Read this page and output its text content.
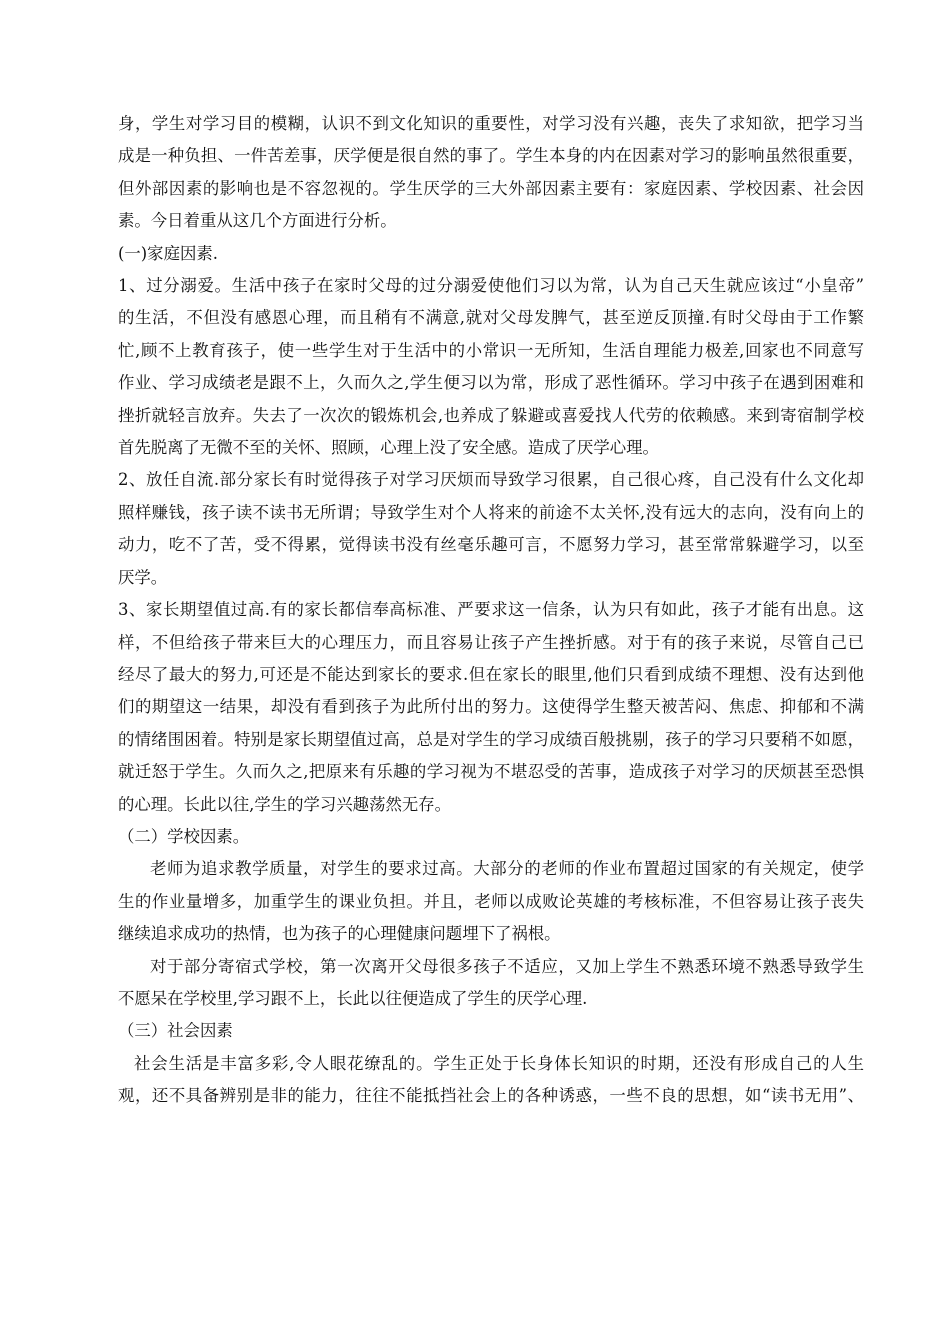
身，学生对学习目的模糊，认识不到文化知识的重要性，对学习没有兴趣，丧失了求知欲，把学习当

成是一种负担、一件苦差事，厌学便是很自然的事了。学生本身的内在因素对学习的影响虽然很重要，

但外部因素的影响也是不容忽视的。学生厌学的三大外部因素主要有：家庭因素、学校因素、社会因

素。今日着重从这几个方面进行分析。

(一)家庭因素.

1、过分溺爱。生活中孩子在家时父母的过分溺爱使他们习以为常，认为自己天生就应该过“小皇帝”

的生活，不但没有感恩心理，而且稍有不满意,就对父母发脾气，甚至逆反顶撞.有时父母由于工作繁

忙,顾不上教育孩子，使一些学生对于生活中的小常识一无所知，生活自理能力极差,回家也不同意写

作业、学习成绩老是跟不上，久而久之,学生便习以为常，形成了恶性循环。学习中孩子在遇到困难和

挫折就轻言放弃。失去了一次次的锻炼机会,也养成了躲避或喜爱找人代劳的依赖感。来到寄宿制学校

首先脱离了无微不至的关怀、照顾，心理上没了安全感。造成了厌学心理。

2、放任自流.部分家长有时觉得孩子对学习厌烦而导致学习很累，自己很心疼，自己没有什么文化却

照样赚钱，孩子读不读书无所谓；导致学生对个人将来的前途不太关怀,没有远大的志向，没有向上的

动力，吃不了苦，受不得累，觉得读书没有丝毫乐趣可言，不愿努力学习，甚至常常躲避学习，以至

厌学。

3、家长期望值过高.有的家长都信奉高标准、严要求这一信条，认为只有如此，孩子才能有出息。这

样，不但给孩子带来巨大的心理压力，而且容易让孩子产生挫折感。对于有的孩子来说，尽管自己已

经尽了最大的努力,可还是不能达到家长的要求.但在家长的眼里,他们只看到成绩不理想、没有达到他

们的期望这一结果，却没有看到孩子为此所付出的努力。这使得学生整天被苦闷、焦虑、抑郁和不满

的情绪围困着。特别是家长期望值过高，总是对学生的学习成绩百般挑剔，孩子的学习只要稍不如愿，

就迁怒于学生。久而久之,把原来有乐趣的学习视为不堪忍受的苦事，造成孩子对学习的厌烦甚至恐惧

的心理。长此以往,学生的学习兴趣荡然无存。

（二）学校因素。

老师为追求教学质量，对学生的要求过高。大部分的老师的作业布置超过国家的有关规定，使学

生的作业量增多，加重学生的课业负担。并且，老师以成败论英雄的考核标准，不但容易让孩子丧失

继续追求成功的热情，也为孩子的心理健康问题埋下了祸根。

对于部分寄宿式学校，第一次离开父母很多孩子不适应，又加上学生不熟悉环境不熟悉导致学生

不愿呆在学校里,学习跟不上，长此以往便造成了学生的厌学心理.

（三）社会因素

社会生活是丰富多彩,令人眼花缭乱的。学生正处于长身体长知识的时期，还没有形成自己的人生

观，还不具备辨别是非的能力，往往不能抵挡社会上的各种诱惑，一些不良的思想，如“读书无用”、
